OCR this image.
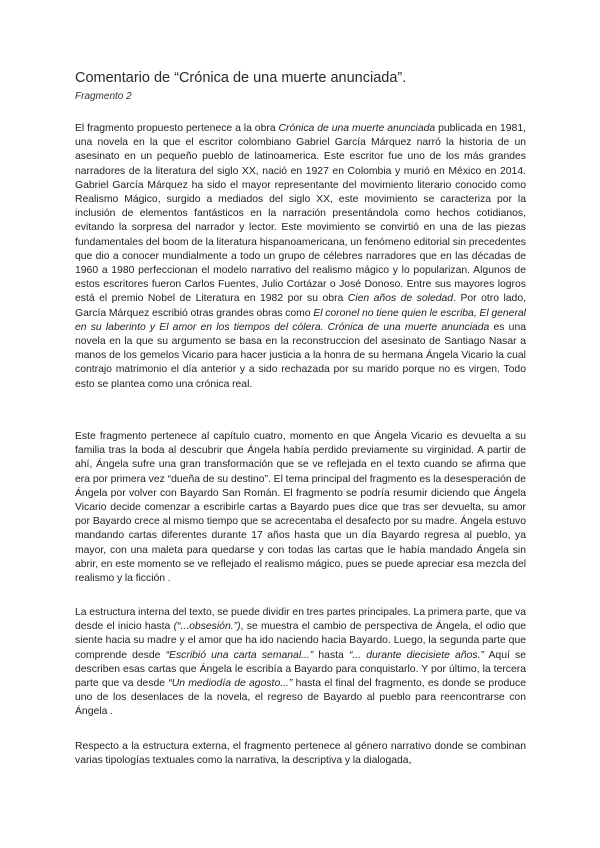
Comentario de “Crónica de una muerte anunciada”.
Fragmento 2

El fragmento propuesto pertenece a la obra Crónica de una muerte anunciada publicada en 1981, una novela en la que el escritor colombiano Gabriel García Márquez narró la historia de un asesinato en un pequeño pueblo de latinoamerica. Este escritor fue uno de los más grandes narradores de la literatura del siglo XX, nació en 1927 en Colombia y murió en México en 2014. Gabriel García Márquez ha sido el mayor representante del movimiento literario conocido como Realismo Mágico, surgido a mediados del siglo XX, este movimiento se caracteriza por la inclusión de elementos fantásticos en la narración presentándola como hechos cotidianos, evitando la sorpresa del narrador y lector. Este movimiento se convirtió en una de las piezas fundamentales del boom de la literatura hispanoamericana, un fenómeno editorial sin precedentes que dio a conocer mundialmente a todo un grupo de célebres narradores que en las décadas de 1960 a 1980 perfeccionan el modelo narrativo del realismo mágico y lo popularizan. Algunos de estos escritores fueron Carlos Fuentes, Julio Cortázar o José Donoso. Entre sus mayores logros está el premio Nobel de Literatura en 1982 por su obra Cien años de soledad. Por otro lado, García Márquez escribió otras grandes obras como El coronel no tiene quien le escriba, El general en su laberinto y El amor en los tiempos del cólera. Crónica de una muerte anunciada es una novela en la que su argumento se basa en la reconstruccion del asesinato de Santiago Nasar a manos de los gemelos Vicario para hacer justicia a la honra de su hermana Ángela Vicario la cual contrajo matrimonio el día anterior y a sido rechazada por su marido porque no es virgen. Todo esto se plantea como una crónica real.

Este fragmento pertenece al capítulo cuatro, momento en que Ángela Vicario es devuelta a su familia tras la boda al descubrir que Ángela había perdido previamente su virginidad. A partir de ahí, Ángela sufre una gran transformación que se ve reflejada en el texto cuando se afirma que era por primera vez “dueña de su destino”. El tema principal del fragmento es la desesperación de Ángela por volver con Bayardo San Román. El fragmento se podría resumir diciendo que Ángela Vicario decide comenzar a escribirle cartas a Bayardo pues dice que tras ser devuelta, su amor por Bayardo crece al mismo tiempo que se acrecentaba el desafecto por su madre. Ángela estuvo mandando cartas diferentes durante 17 años hasta que un día Bayardo regresa al pueblo, ya mayor, con una maleta para quedarse y con todas las cartas que le había mandado Ángela sin abrir, en este momento se ve reflejado el realismo mágico, pues se puede apreciar esa mezcla del realismo y la ficción .

La estructura interna del texto, se puede dividir en tres partes principales. La primera parte, que va desde el inicio hasta (“...obsesión.”), se muestra el cambio de perspectiva de Ángela, el odio que siente hacia su madre y el amor que ha ido naciendo hacia Bayardo. Luego, la segunda parte que comprende desde “Escribió una carta semanal...” hasta “... durante diecisiete años.” Aquí se describen esas cartas que Ángela le escribía a Bayardo para conquistarlo. Y por último, la tercera parte que va desde “Un mediodía de agosto...” hasta el final del fragmento, es donde se produce uno de los desenlaces de la novela, el regreso de Bayardo al pueblo para reencontrarse con Ángela .

Respecto a la estructura externa, el fragmento pertenece al género narrativo donde se combinan varias tipologías textuales como la narrativa, la descriptiva y la dialogada,
